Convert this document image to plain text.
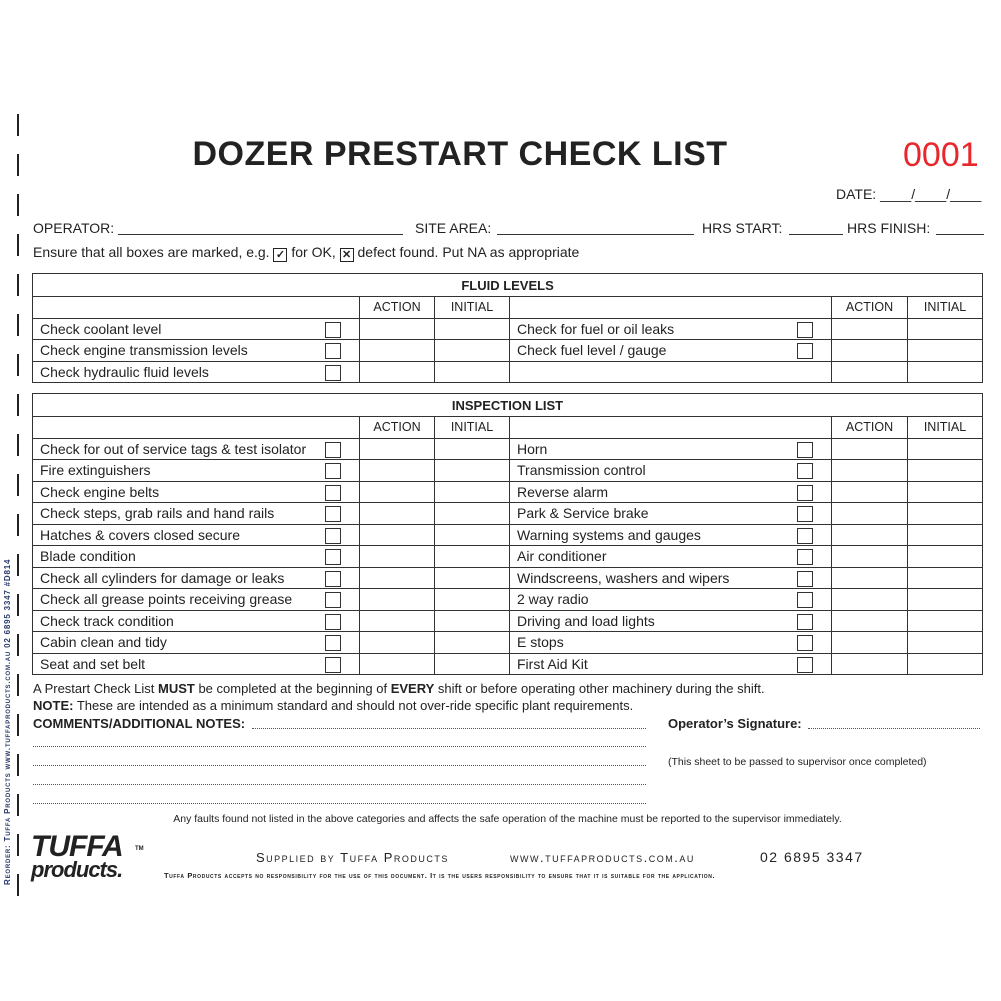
Reorder: Tuffa Products www.tuffaproducts.com.au 02 6895 3347 #D814
DOZER PRESTART CHECK LIST	0001
DATE: ____/____/____
OPERATOR:	SITE AREA:	HRS START:	HRS FINISH:
Ensure that all boxes are marked, e.g. ✓ for OK, ✕ defect found. Put NA as appropriate
FLUID LEVELS					
	ACTION	INITIAL		ACTION	INITIAL
Check coolant level			Check for fuel or oil leaks

Check engine transmission levels			Check fuel level / gauge

Check hydraulic fluid levels

INSPECTION LIST					
	ACTION	INITIAL		ACTION	INITIAL
Check for out of service tags & test isolator			Horn

Fire extinguishers			Transmission control

Check engine belts			Reverse alarm

Check steps, grab rails and hand rails			Park & Service brake

Hatches & covers closed secure			Warning systems and gauges

Blade condition			Air conditioner

Check all cylinders for damage or leaks			Windscreens, washers and wipers

Check all grease points receiving grease			2 way radio

Check track condition			Driving and load lights

Cabin clean and tidy			E stops

Seat and set belt			First Aid Kit

A Prestart Check List MUST be completed at the beginning of EVERY shift or before operating other machinery during the shift.
NOTE: These are intended as a minimum standard and should not over-ride specific plant requirements.
COMMENTS/ADDITIONAL NOTES:	Operator’s Signature:
(This sheet to be passed to supervisor once completed)
Any faults found not listed in the above categories and affects the safe operation of the machine must be reported to the supervisor immediately.
TUFFA
products.
TM
Supplied by Tuffa Products	www.tuffaproducts.com.au	02 6895 3347
Tuffa Products accepts no responsibility for the use of this document. It is the users responsibility to ensure that it is suitable for the application.
